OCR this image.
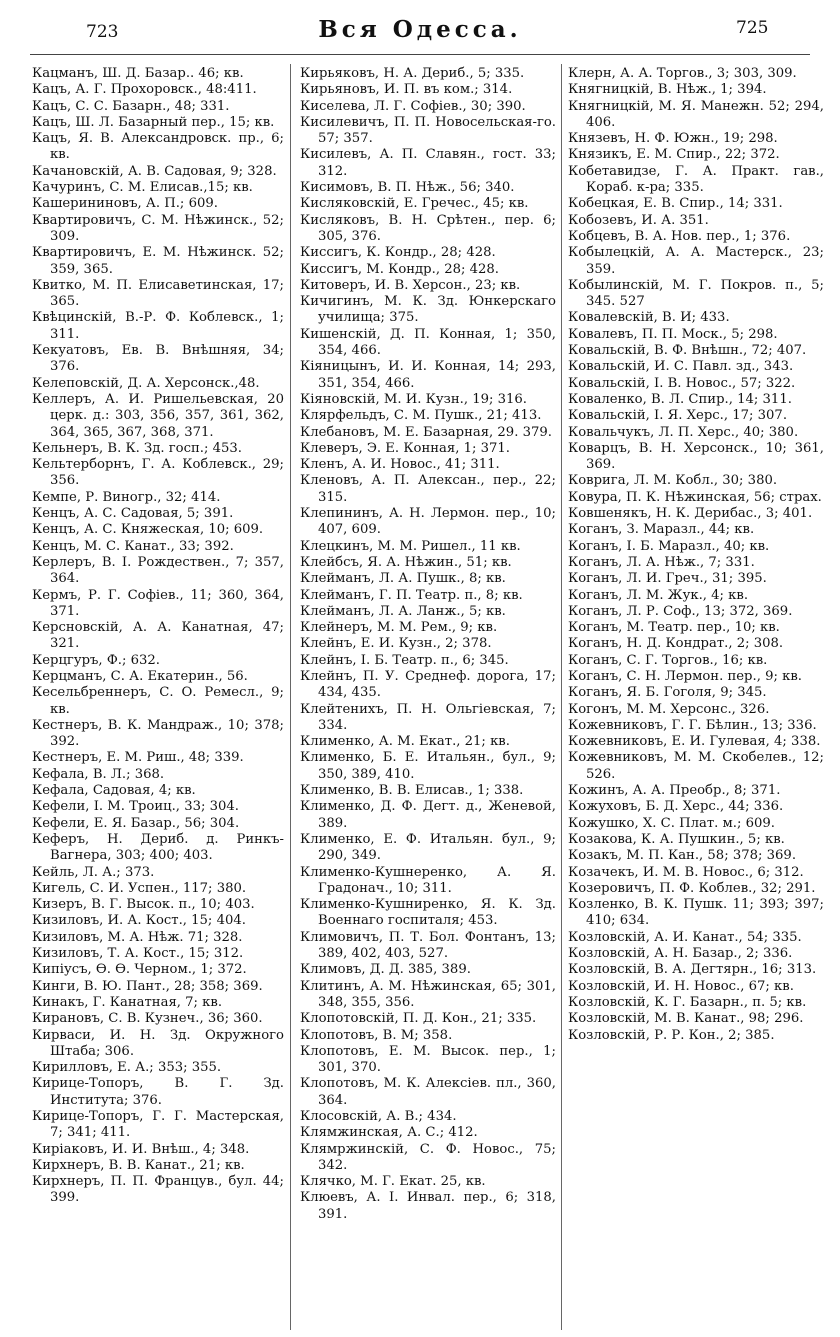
723	Вся Одесса.	725
Кацманъ, Ш. Д. Базар.. 46; кв.
Кацъ, А. Г. Прохоровск., 48:411.
Кацъ, С. С. Базарн., 48; 331.
Кацъ, Ш. Л. Базарный пер., 15; кв.
Кацъ, Я. В. Александровск. пр., 6; кв.
Качановскій, А. В. Садовая, 9; 328.
Качуринъ, С. М. Елисав.,15; кв.
Кашерининовъ, А. П.; 609.
Квартировичъ, С. М. Нѣжинск., 52; 309.
Квартировичъ, Е. М. Нѣжинск. 52; 359, 365.
Квитко, М. П. Елисаветинская, 17; 365.
Квѣцинскій, В.-Р. Ф. Коблевск., 1; 311.
Кекуатовъ, Ев. В. Внѣшняя, 34; 376.
Келеповскій, Д. А. Херсонск.,48.
Келлеръ, А. И. Ришельевская, 20 церк. д.: 303, 356, 357, 361, 362, 364, 365, 367, 368, 371.
Кельнеръ, В. К. Зд. госп.; 453.
Кельтерборнъ, Г. А. Коблевск., 29; 356.
Кемпе, Р. Виногр., 32; 414.
Кенцъ, А. С. Садовая, 5; 391.
Кенцъ, А. С. Княжеская, 10; 609.
Кенцъ, М. С. Канат., 33; 392.
Керлеръ, В. І. Рождествен., 7; 357, 364.
Кермъ, Р. Г. Софіев., 11; 360, 364, 371.
Керсновскій, А. А. Канатная, 47; 321.
Керцгуръ, Ф.; 632.
Керцманъ, С. А. Екатерин., 56.
Кесельбреннеръ, С. О. Ремесл., 9; кв.
Кестнеръ, В. К. Мандраж., 10; 378; 392.
Кестнеръ, Е. М. Риш., 48; 339.
Кефала, В. Л.; 368.
Кефала, Садовая, 4; кв.
Кефели, І. М. Троиц., 33; 304.
Кефели, Е. Я. Базар., 56; 304.
Кеферъ, Н. Дериб. д. Ринкъ-Вагнера, 303; 400; 403.
Кейль, Л. А.; 373.
Кигель, С. И. Успен., 117; 380.
Кизеръ, В. Г. Высок. п., 10; 403.
Кизиловъ, И. А. Кост., 15; 404.
Кизиловъ, М. А. Нѣж. 71; 328.
Кизиловъ, Т. А. Кост., 15; 312.
Кипіусъ, Ѳ. Ѳ. Черном., 1; 372.
Кинги, В. Ю. Пант., 28; 358; 369.
Кинакъ, Г. Канатная, 7; кв.
Кирановъ, С. В. Кузнеч., 36; 360.
Кирваси, И. Н. Зд. Окружного Штаба; 306.
Кирилловъ, Е. А.; 353; 355.
Кирице-Топоръ, В. Г. Зд. Института; 376.
Кирице-Топоръ, Г. Г. Мастерская, 7; 341; 411.
Киріаковъ, И. И. Внѣш., 4; 348.
Кирхнеръ, В. В. Канат., 21; кв.
Кирхнеръ, П. П. Францув., бул. 44; 399.
Кирьяковъ, Н. А. Дериб., 5; 335.
Кирьяновъ, И. П. въ ком.; 314.
Киселева, Л. Г. Софіев., 30; 390.
Кисилевичъ, П. П. Новосельская-го. 57; 357.
Кисилевъ, А. П. Славян., гост. 33; 312.
Кисимовъ, В. П. Нѣж., 56; 340.
Кисляковскій, Е. Гречес., 45; кв.
Кисляковъ, В. Н. Срѣтен., пер. 6; 305, 376.
Киссигъ, К. Кондр., 28; 428.
Киссигъ, М. Кондр., 28; 428.
Китоверъ, И. В. Херсон., 23; кв.
Кичигинъ, М. К. Зд. Юнкерскаго училища; 375.
Кишенскій, Д. П. Конная, 1; 350, 354, 466.
Кіяницынъ, И. И. Конная, 14; 293, 351, 354, 466.
Кіяновскій, М. И. Кузн., 19; 316.
Клярфельдъ, С. М. Пушк., 21; 413.
Клебановъ, М. Е. Базарная, 29. 379.
Клеверъ, Э. Е. Конная, 1; 371.
Кленъ, А. И. Новос., 41; 311.
Кленовъ, А. П. Алексан., пер., 22; 315.
Клепининъ, А. Н. Лермон. пер., 10; 407, 609.
Клецкинъ, М. М. Ришел., 11 кв.
Клейбсъ, Я. А. Нѣжин., 51; кв.
Клейманъ, Л. А. Пушк., 8; кв.
Клейманъ, Г. П. Театр. п., 8; кв.
Клейманъ, Л. А. Ланж., 5; кв.
Клейнеръ, М. М. Рем., 9; кв.
Клейнъ, Е. И. Кузн., 2; 378.
Клейнъ, І. Б. Театр. п., 6; 345.
Клейнъ, П. У. Среднеф. дорога, 17; 434, 435.
Клейтенихъ, П. Н. Ольгіевская, 7; 334.
Клименко, А. М. Екат., 21; кв.
Клименко, Б. Е. Итальян., бул., 9; 350, 389, 410.
Клименко, В. В. Елисав., 1; 338.
Клименко, Д. Ф. Дегт. д., Женевой, 389.
Клименко, Е. Ф. Итальян. бул., 9; 290, 349.
Клименко-Кушнеренко, А. Я. Градонач., 10; 311.
Клименко-Кушниренко, Я. К. Зд. Военнаго госпиталя; 453.
Климовичъ, П. Т. Бол. Фонтанъ, 13; 389, 402, 403, 527.
Климовъ, Д. Д. 385, 389.
Клитинъ, А. М. Нѣжинская, 65; 301, 348, 355, 356.
Клопотовскій, П. Д. Кон., 21; 335.
Клопотовъ, В. М; 358.
Клопотовъ, Е. М. Высок. пер., 1; 301, 370.
Клопотовъ, М. К. Алексіев. пл., 360, 364.
Клосовскій, А. В.; 434.
Клямжинская, А. С.; 412.
Клямржинскій, С. Ф. Новос., 75; 342.
Клячко, М. Г. Екат. 25, кв.
Клюевъ, А. І. Инвал. пер., 6; 318, 391.
Клерн, А. А. Торгов., 3; 303, 309.
Княгницкій, В. Нѣж., 1; 394.
Княгницкій, М. Я. Манежн. 52; 294, 406.
Князевъ, Н. Ф. Южн., 19; 298.
Князикъ, Е. М. Спир., 22; 372.
Кобетавидзе, Г. А. Практ. гав., Кораб. к-ра; 335.
Кобецкая, Е. В. Спир., 14; 331.
Кобозевъ, И. А. 351.
Кобцевъ, В. А. Нов. пер., 1; 376.
Кобылецкій, А. А. Мастерск., 23; 359.
Кобылинскій, М. Г. Покров. п., 5; 345. 527
Ковалевскій, В. И; 433.
Ковалевъ, П. П. Моск., 5; 298.
Ковальскій, В. Ф. Внѣшн., 72; 407.
Ковальскій, И. С. Павл. зд., 343.
Ковальскій, І. В. Новос., 57; 322.
Коваленко, В. Л. Спир., 14; 311.
Ковальскій, І. Я. Херс., 17; 307.
Ковальчукъ, Л. П. Херс., 40; 380.
Коварцъ, В. Н. Херсонск., 10; 361, 369.
Коврига, Л. М. Кобл., 30; 380.
Ковура, П. К. Нѣжинская, 56; страх.
Ковшенякъ, Н. К. Дерибас., 3; 401.
Коганъ, З. Маразл., 44; кв.
Коганъ, І. Б. Маразл., 40; кв.
Коганъ, Л. А. Нѣж., 7; 331.
Коганъ, Л. И. Греч., 31; 395.
Коганъ, Л. М. Жук., 4; кв.
Коганъ, Л. Р. Соф., 13; 372, 369.
Коганъ, М. Театр. пер., 10; кв.
Коганъ, Н. Д. Кондрат., 2; 308.
Коганъ, С. Г. Торгов., 16; кв.
Коганъ, С. Н. Лермон. пер., 9; кв.
Коганъ, Я. Б. Гоголя, 9; 345.
Когонъ, М. М. Херсонс., 326.
Кожевниковъ, Г. Г. Бѣлин., 13; 336.
Кожевниковъ, Е. И. Гулевая, 4; 338.
Кожевниковъ, М. М. Скобелев., 12; 526.
Кожинъ, А. А. Преобр., 8; 371.
Кожуховъ, Б. Д. Херс., 44; 336.
Кожушко, Х. С. Плат. м.; 609.
Козакова, К. А. Пушкин., 5; кв.
Козакъ, М. П. Кан., 58; 378; 369.
Козачекъ, И. М. В. Новос., 6; 312.
Козеровичъ, П. Ф. Коблев., 32; 291.
Козленко, В. К. Пушк. 11; 393; 397; 410; 634.
Козловскій, А. И. Канат., 54; 335.
Козловскій, А. Н. Базар., 2; 336.
Козловскій, В. А. Дегтярн., 16; 313.
Козловскій, И. Н. Новос., 67; кв.
Козловскій, К. Г. Базарн., п. 5; кв.
Козловскій, М. В. Канат., 98; 296.
Козловскій, Р. Р. Кон., 2; 385.
